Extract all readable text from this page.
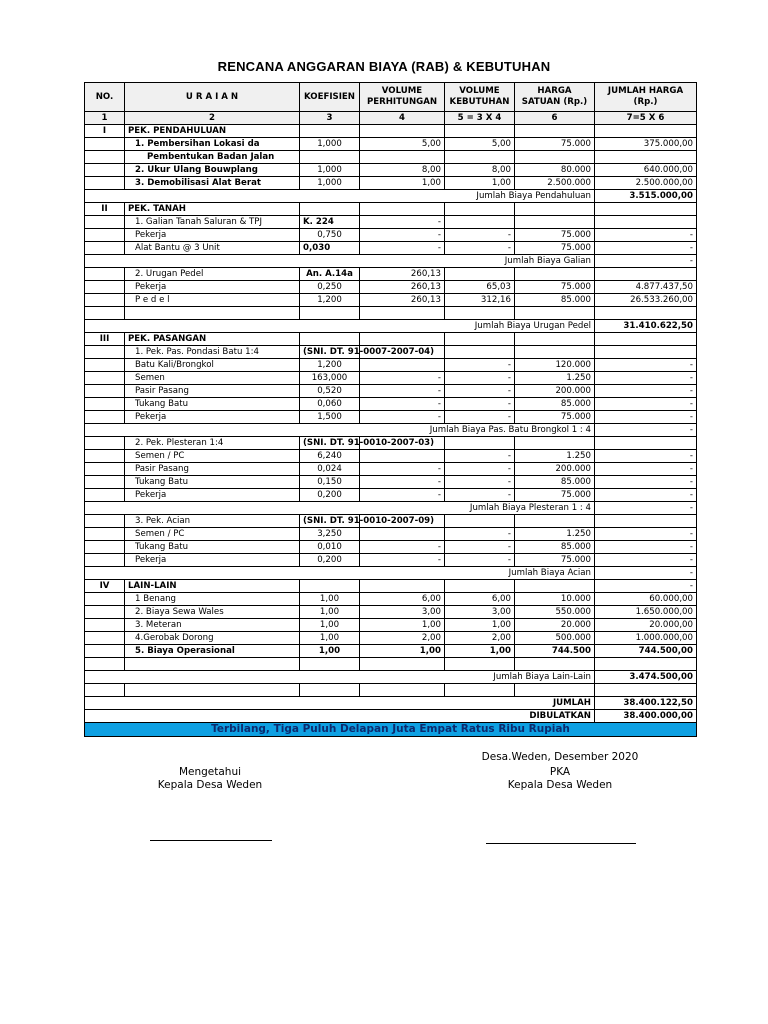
RENCANA ANGGARAN BIAYA (RAB) & KEBUTUHAN
NO.	U R A I A N	KOEFISIEN	VOLUME PERHITUNGAN	VOLUME KEBUTUHAN	HARGA SATUAN (Rp.)	JUMLAH HARGA (Rp.)
1	2	3	4	5 = 3 X 4	6	7=5 X 6
I	PEK. PENDAHULUAN					
	1. Pembersihan Lokasi da	1,000	5,00	5,00	75.000	375.000,00
	Pembentukan Badan Jalan					
	2. Ukur Ulang Bouwplang	1,000	8,00	8,00	80.000	640.000,00
	3. Demobilisasi Alat Berat	1,000	1,00	1,00	2.500.000	2.500.000,00
Jumlah Biaya Pendahuluan						3.515.000,00
II	PEK. TANAH					
	1. Galian Tanah Saluran & TPJ	K. 224	-			
	Pekerja	0,750	-	-	75.000	-
	Alat Bantu @ 3 Unit	0,030	-	-	75.000	-
Jumlah Biaya Galian						-
	2. Urugan Pedel	An. A.14a	260,13			
	Pekerja	0,250	260,13	65,03	75.000	4.877.437,50
	P e d e l	1,200	260,13	312,16	85.000	26.533.260,00

Jumlah Biaya Urugan Pedel						31.410.622,50
III	PEK. PASANGAN					
	1. Pek. Pas. Pondasi Batu 1:4	(SNI. DT. 91-0007-2007-04)				
	Batu Kali/Brongkol	1,200		-	120.000	-
	Semen	163,000	-	-	1.250	-
	Pasir Pasang	0,520	-	-	200.000	-
	Tukang Batu	0,060	-	-	85.000	-
	Pekerja	1,500	-	-	75.000	-
Jumlah Biaya Pas. Batu Brongkol 1 : 4						-
	2. Pek. Plesteran 1:4	(SNI. DT. 91-0010-2007-03)				
	Semen / PC	6,240		-	1.250	-
	Pasir Pasang	0,024	-	-	200.000	-
	Tukang Batu	0,150	-	-	85.000	-
	Pekerja	0,200	-	-	75.000	-
Jumlah Biaya Plesteran 1 : 4						-
	3. Pek. Acian	(SNI. DT. 91-0010-2007-09)				
	Semen / PC	3,250		-	1.250	-
	Tukang Batu	0,010	-	-	85.000	-
	Pekerja	0,200	-	-	75.000	-
Jumlah Biaya Acian						-
IV	LAIN-LAIN					-
	1 Benang	1,00	6,00	6,00	10.000	60.000,00
	2. Biaya Sewa Wales	1,00	3,00	3,00	550.000	1.650.000,00
	3. Meteran	1,00	1,00	1,00	20.000	20.000,00
	4.Gerobak Dorong	1,00	2,00	2,00	500.000	1.000.000,00
	5. Biaya Operasional	1,00	1,00	1,00	744.500	744.500,00

Jumlah Biaya Lain-Lain						3.474.500,00

JUMLAH						38.400.122,50
DIBULATKAN						38.400.000,00
Terbilang, Tiga Puluh Delapan Juta Empat Ratus Ribu Rupiah						
Desa.Weden, Desember 2020
Mengetahui
Kepala Desa Weden
PKA
Kepala Desa Weden
